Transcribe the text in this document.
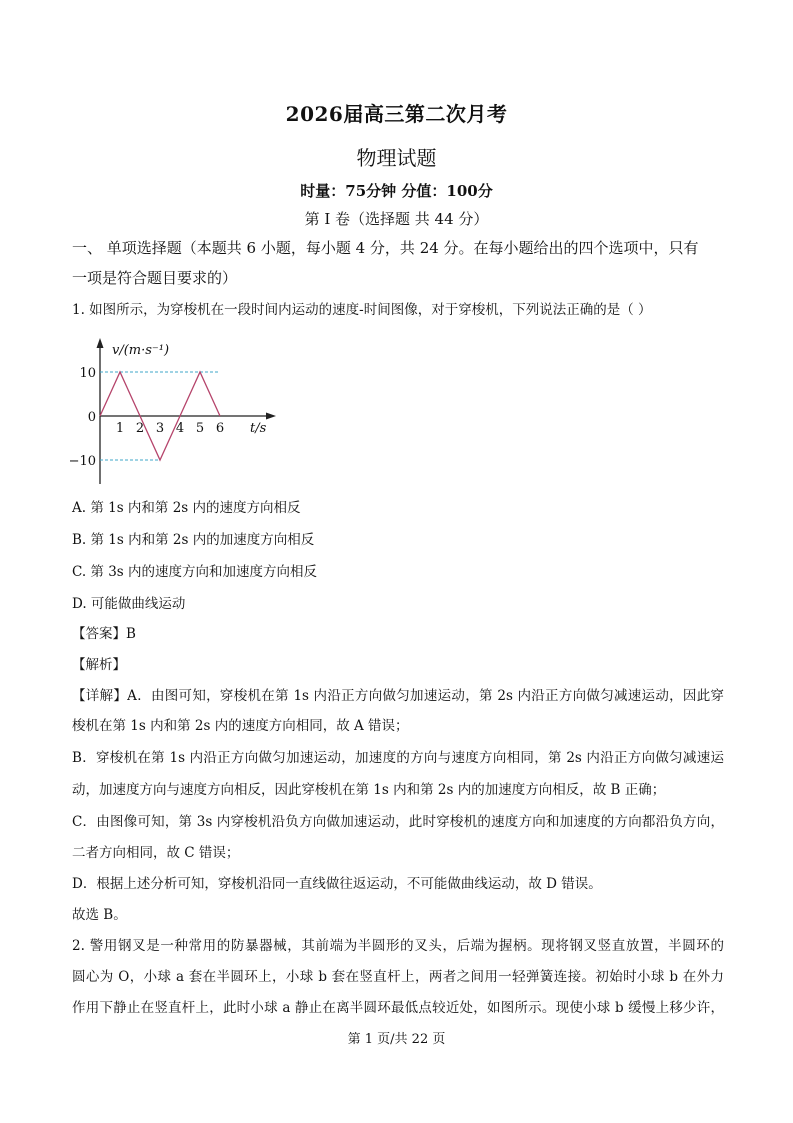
2026届高三第二次月考
物理试题
时量：75分钟 分值：100分
第 I 卷（选择题 共 44 分）
一、 单项选择题（本题共 6 小题，每小题 4 分，共 24 分。在每小题给出的四个选项中，只有
一项是符合题目要求的）
1. 如图所示，为穿梭机在一段时间内运动的速度-时间图像，对于穿梭机，下列说法正确的是（ ）
1 2 3 4 5 6
10
0
−10
v/(m·s⁻¹)
t/s
A. 第 1s 内和第 2s 内的速度方向相反
B. 第 1s 内和第 2s 内的加速度方向相反
C. 第 3s 内的速度方向和加速度方向相反
D. 可能做曲线运动
【答案】B
【解析】
【详解】A．由图可知，穿梭机在第 1s 内沿正方向做匀加速运动，第 2s 内沿正方向做匀减速运动，因此穿
梭机在第 1s 内和第 2s 内的速度方向相同，故 A 错误；
B．穿梭机在第 1s 内沿正方向做匀加速运动，加速度的方向与速度方向相同，第 2s 内沿正方向做匀减速运
动，加速度方向与速度方向相反，因此穿梭机在第 1s 内和第 2s 内的加速度方向相反，故 B 正确；
C．由图像可知，第 3s 内穿梭机沿负方向做加速运动，此时穿梭机的速度方向和加速度的方向都沿负方向，
二者方向相同，故 C 错误；
D．根据上述分析可知，穿梭机沿同一直线做往返运动，不可能做曲线运动，故 D 错误。
故选 B。
2. 警用钢叉是一种常用的防暴器械，其前端为半圆形的叉头，后端为握柄。现将钢叉竖直放置，半圆环的
圆心为 O，小球 a 套在半圆环上，小球 b 套在竖直杆上，两者之间用一轻弹簧连接。初始时小球 b 在外力
作用下静止在竖直杆上，此时小球 a 静止在离半圆环最低点较近处，如图所示。现使小球 b 缓慢上移少许，
第 1 页/共 22 页
